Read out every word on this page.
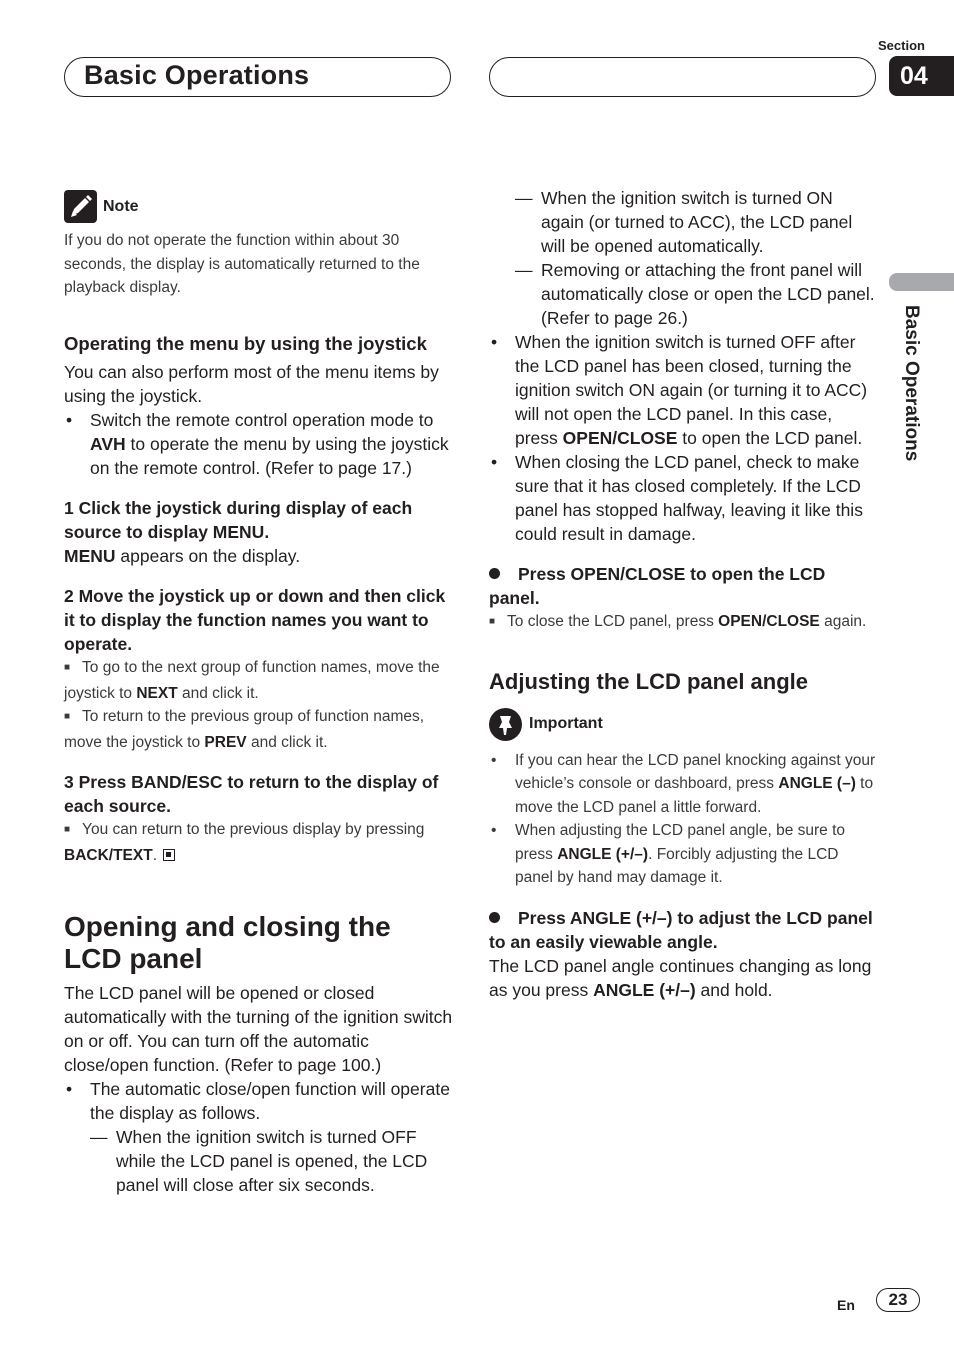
Basic Operations
Section
04
Basic Operations
Note
If you do not operate the function within about 30 seconds, the display is automatically returned to the playback display.
Operating the menu by using the joystick
You can also perform most of the menu items by using the joystick.
• Switch the remote control operation mode to AVH to operate the menu by using the joystick on the remote control. (Refer to page 17.)
1 Click the joystick during display of each source to display MENU.
MENU appears on the display.
2 Move the joystick up or down and then click it to display the function names you want to operate.
■ To go to the next group of function names, move the joystick to NEXT and click it.
■ To return to the previous group of function names, move the joystick to PREV and click it.
3 Press BAND/ESC to return to the display of each source.
■ You can return to the previous display by pressing BACK/TEXT.
Opening and closing the LCD panel
The LCD panel will be opened or closed automatically with the turning of the ignition switch on or off. You can turn off the automatic close/open function. (Refer to page 100.)
• The automatic close/open function will operate the display as follows.
— When the ignition switch is turned OFF while the LCD panel is opened, the LCD panel will close after six seconds.
— When the ignition switch is turned ON again (or turned to ACC), the LCD panel will be opened automatically.
— Removing or attaching the front panel will automatically close or open the LCD panel. (Refer to page 26.)
• When the ignition switch is turned OFF after the LCD panel has been closed, turning the ignition switch ON again (or turning it to ACC) will not open the LCD panel. In this case, press OPEN/CLOSE to open the LCD panel.
• When closing the LCD panel, check to make sure that it has closed completely. If the LCD panel has stopped halfway, leaving it like this could result in damage.
Press OPEN/CLOSE to open the LCD panel.
■ To close the LCD panel, press OPEN/CLOSE again.
Adjusting the LCD panel angle
Important
• If you can hear the LCD panel knocking against your vehicle’s console or dashboard, press ANGLE (–) to move the LCD panel a little forward.
• When adjusting the LCD panel angle, be sure to press ANGLE (+/–). Forcibly adjusting the LCD panel by hand may damage it.
Press ANGLE (+/–) to adjust the LCD panel to an easily viewable angle.
The LCD panel angle continues changing as long as you press ANGLE (+/–) and hold.
En	23
